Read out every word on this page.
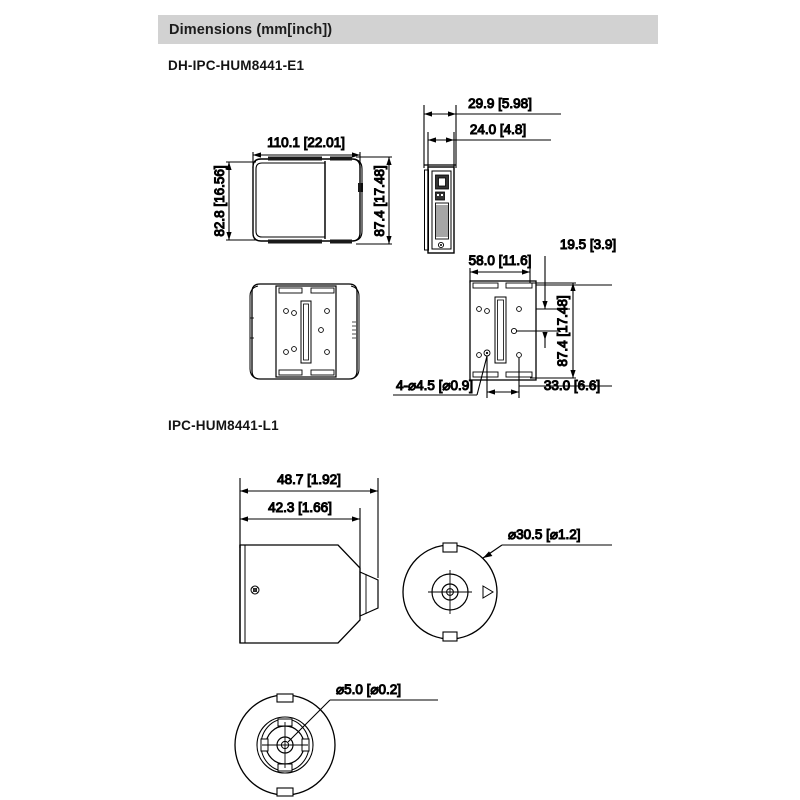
Dimensions (mm[inch])
DH-IPC-HUM8441-E1
IPC-HUM8441-L1
110.1 [22.01]
82.8 [16.56]	87.4 [17.48]
29.9 [5.98]
24.0 [4.8]
58.0 [11.6]
19.5 [3.9]
87.4 [17.48]
33.0 [6.6]
4-⌀4.5 [⌀0.9]
48.7 [1.92]
42.3 [1.66]
⌀30.5 [⌀1.2]
⌀5.0 [⌀0.2]
